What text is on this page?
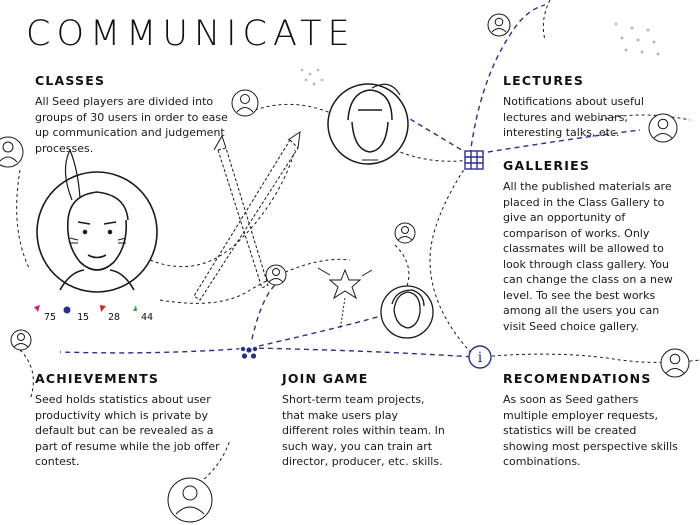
i
COMMUNICATE
CLASSES
All Seed players are divided into groups of 30 users in order to ease up communication and judgement processes.
LECTURES
Notifications about useful lectures and webinars, interesting talks, etc.
GALLERIES
All the published materials are placed in the Class Gallery to give an opportunity of comparison of works. Only classmates will be allowed to look through class gallery. You can change the class on a new level. To see the best works among all the users you can visit Seed choice gallery.
ACHIEVEMENTS
Seed holds statistics about user productivity which is private by default but can be revealed as a part of resume while the job offer contest.
JOIN GAME
Short-term team projects, that make users play different roles within team. In such way, you can train art director, producer, etc. skills.
RECOMENDATIONS
As soon as Seed gathers multiple employer requests, statistics will be created showing most perspective skills combinations.
75 15 28 44
